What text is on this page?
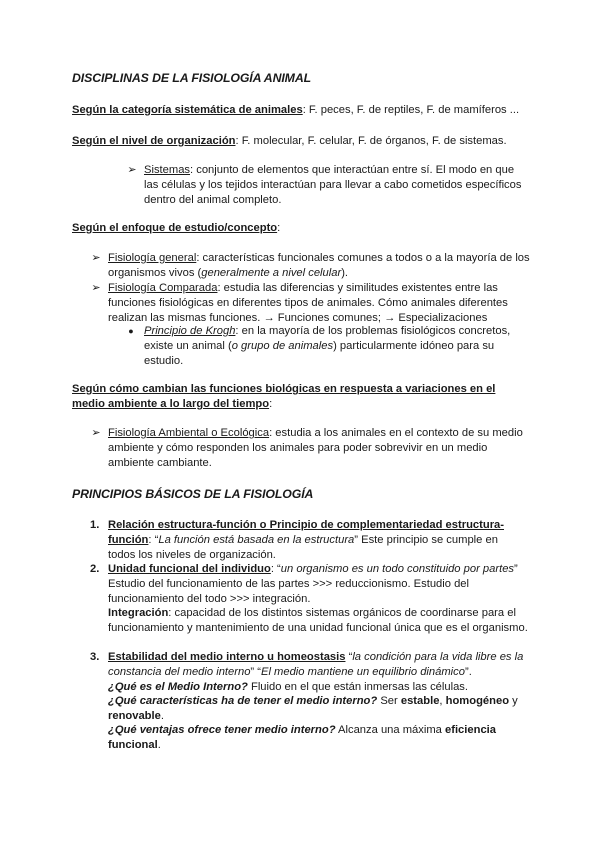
DISCIPLINAS DE LA FISIOLOGÍA ANIMAL

Según la categoría sistemática de animales: F. peces, F. de reptiles, F. de mamíferos ...

Según el nivel de organización: F. molecular, F. celular, F. de órganos, F. de sistemas.

➢ Sistemas: conjunto de elementos que interactúan entre sí. El modo en que las células y los tejidos interactúan para llevar a cabo cometidos específicos dentro del animal completo.

Según el enfoque de estudio/concepto:

➢ Fisiología general: características funcionales comunes a todos o a la mayoría de los organismos vivos (generalmente a nivel celular).

➢ Fisiología Comparada: estudia las diferencias y similitudes existentes entre las funciones fisiológicas en diferentes tipos de animales. Cómo animales diferentes realizan las mismas funciones. → Funciones comunes; → Especializaciones

● Principio de Krogh: en la mayoría de los problemas fisiológicos concretos, existe un animal (o grupo de animales) particularmente idóneo para su estudio.

Según cómo cambian las funciones biológicas en respuesta a variaciones en el medio ambiente a lo largo del tiempo:

➢ Fisiología Ambiental o Ecológica: estudia a los animales en el contexto de su medio ambiente y cómo responden los animales para poder sobrevivir en un medio ambiente cambiante.

PRINCIPIOS BÁSICOS DE LA FISIOLOGÍA

1. Relación estructura-función o Principio de complementariedad estructura-función: “La función está basada en la estructura” Este principio se cumple en todos los niveles de organización.

2. Unidad funcional del individuo: “un organismo es un todo constituido por partes” Estudio del funcionamiento de las partes >>> reduccionismo. Estudio del funcionamiento del todo >>> integración.

Integración: capacidad de los distintos sistemas orgánicos de coordinarse para el funcionamiento y mantenimiento de una unidad funcional única que es el organismo.

3. Estabilidad del medio interno u homeostasis “la condición para la vida libre es la constancia del medio interno” “El medio mantiene un equilibrio dinámico”.

¿Qué es el Medio Interno? Fluido en el que están inmersas las células.

¿Qué características ha de tener el medio interno? Ser estable, homogéneo y renovable.

¿Qué ventajas ofrece tener medio interno? Alcanza una máxima eficiencia funcional.
